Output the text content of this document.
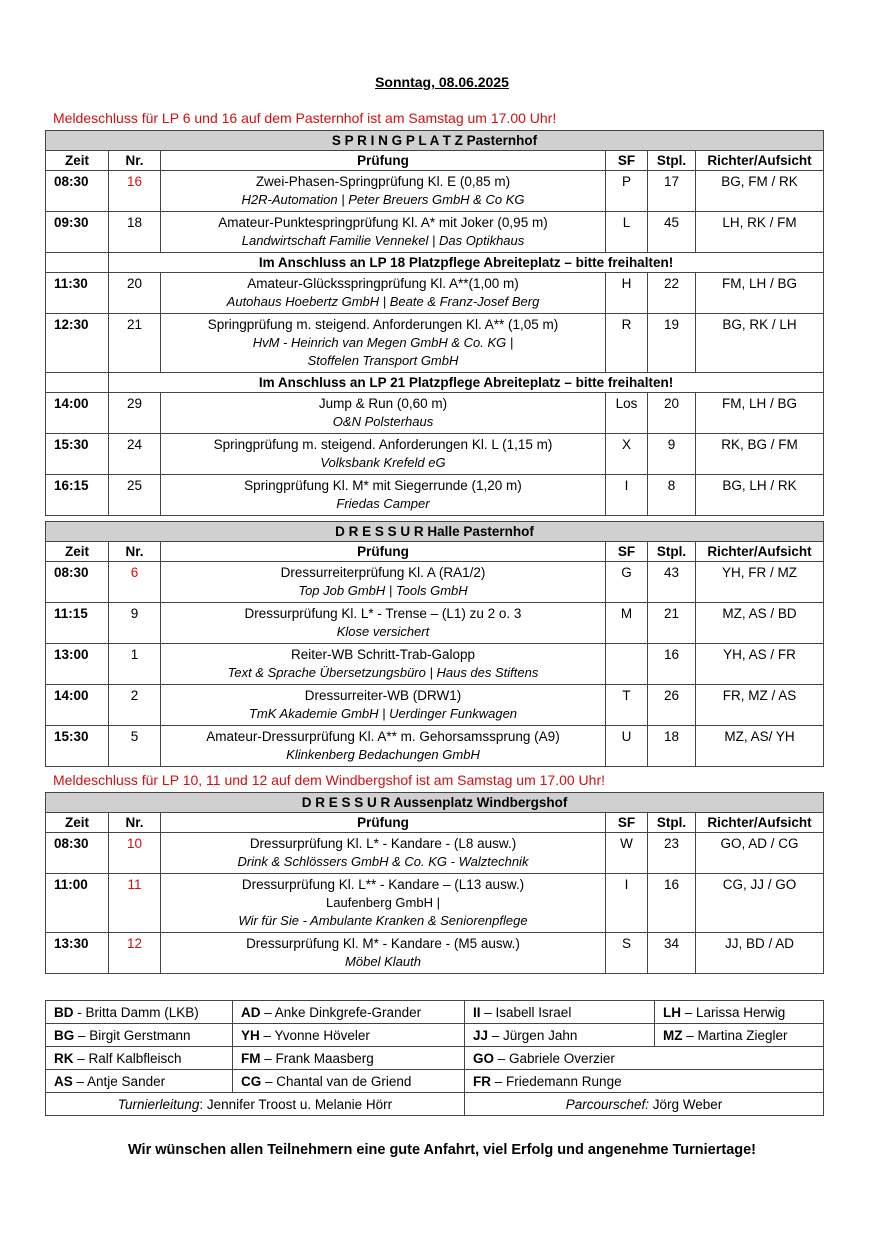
Sonntag, 08.06.2025
Meldeschluss für LP 6 und 16 auf dem Pasternhof ist am Samstag um 17.00 Uhr!
S P R I N G P L A T Z Pasternhof					
Zeit	Nr.	Prüfung	SF	Stpl.	Richter/Aufsicht
08:30	16	Zwei-Phasen-Springprüfung Kl. E (0,85 m)
H2R-Automation | Peter Breuers GmbH & Co KG	P	17	BG, FM / RK
09:30	18	Amateur-Punktespringprüfung Kl. A* mit Joker (0,95 m)
Landwirtschaft Familie Vennekel | Das Optikhaus	L	45	LH, RK / FM
	Im Anschluss an LP 18 Platzpflege Abreiteplatz – bitte freihalten!				
11:30	20	Amateur-Glücksspringprüfung Kl. A**(1,00 m)
Autohaus Hoebertz GmbH | Beate & Franz-Josef Berg	H	22	FM, LH / BG
12:30	21	Springprüfung m. steigend. Anforderungen Kl. A** (1,05 m)
HvM - Heinrich van Megen GmbH & Co. KG |
Stoffelen Transport GmbH	R	19	BG, RK / LH
	Im Anschluss an LP 21 Platzpflege Abreiteplatz – bitte freihalten!				
14:00	29	Jump & Run (0,60 m)
O&N Polsterhaus	Los	20	FM, LH / BG
15:30	24	Springprüfung m. steigend. Anforderungen Kl. L (1,15 m)
Volksbank Krefeld eG	X	9	RK, BG / FM
16:15	25	Springprüfung Kl. M* mit Siegerrunde (1,20 m)
Friedas Camper	I	8	BG, LH / RK
D R E S S U R Halle Pasternhof					
Zeit	Nr.	Prüfung	SF	Stpl.	Richter/Aufsicht
08:30	6	Dressurreiterprüfung Kl. A (RA1/2)
Top Job GmbH | Tools GmbH	G	43	YH, FR / MZ
11:15	9	Dressurprüfung Kl. L* - Trense – (L1) zu 2 o. 3
Klose versichert	M	21	MZ, AS / BD
13:00	1	Reiter-WB Schritt-Trab-Galopp
Text & Sprache Übersetzungsbüro | Haus des Stiftens		16	YH, AS / FR
14:00	2	Dressurreiter-WB (DRW1)
TmK Akademie GmbH | Uerdinger Funkwagen	T	26	FR, MZ / AS
15:30	5	Amateur-Dressurprüfung Kl. A** m. Gehorsamssprung (A9)
Klinkenberg Bedachungen GmbH	U	18	MZ, AS/ YH
Meldeschluss für LP 10, 11 und 12 auf dem Windbergshof ist am Samstag um 17.00 Uhr!
D R E S S U R Aussenplatz Windbergshof					
Zeit	Nr.	Prüfung	SF	Stpl.	Richter/Aufsicht
08:30	10	Dressurprüfung Kl. L* - Kandare - (L8 ausw.)
Drink & Schlössers GmbH & Co. KG - Walztechnik	W	23	GO, AD / CG
11:00	11	Dressurprüfung Kl. L** - Kandare – (L13 ausw.)
Laufenberg GmbH |
Wir für Sie - Ambulante Kranken & Seniorenpflege	I	16	CG, JJ / GO
13:30	12	Dressurprüfung Kl. M* - Kandare - (M5 ausw.)
Möbel Klauth	S	34	JJ, BD / AD
BD - Britta Damm (LKB)	AD – Anke Dinkgrefe-Grander	II – Isabell Israel	LH – Larissa Herwig
BG – Birgit Gerstmann	YH – Yvonne Höveler	JJ – Jürgen Jahn	MZ – Martina Ziegler
RK – Ralf Kalbfleisch	FM – Frank Maasberg	GO – Gabriele Overzier	
AS – Antje Sander	CG – Chantal van de Griend	FR – Friedemann Runge	
Turnierleitung: Jennifer Troost u. Melanie Hörr		Parcourschef: Jörg Weber	
Wir wünschen allen Teilnehmern eine gute Anfahrt, viel Erfolg und angenehme Turniertage!
